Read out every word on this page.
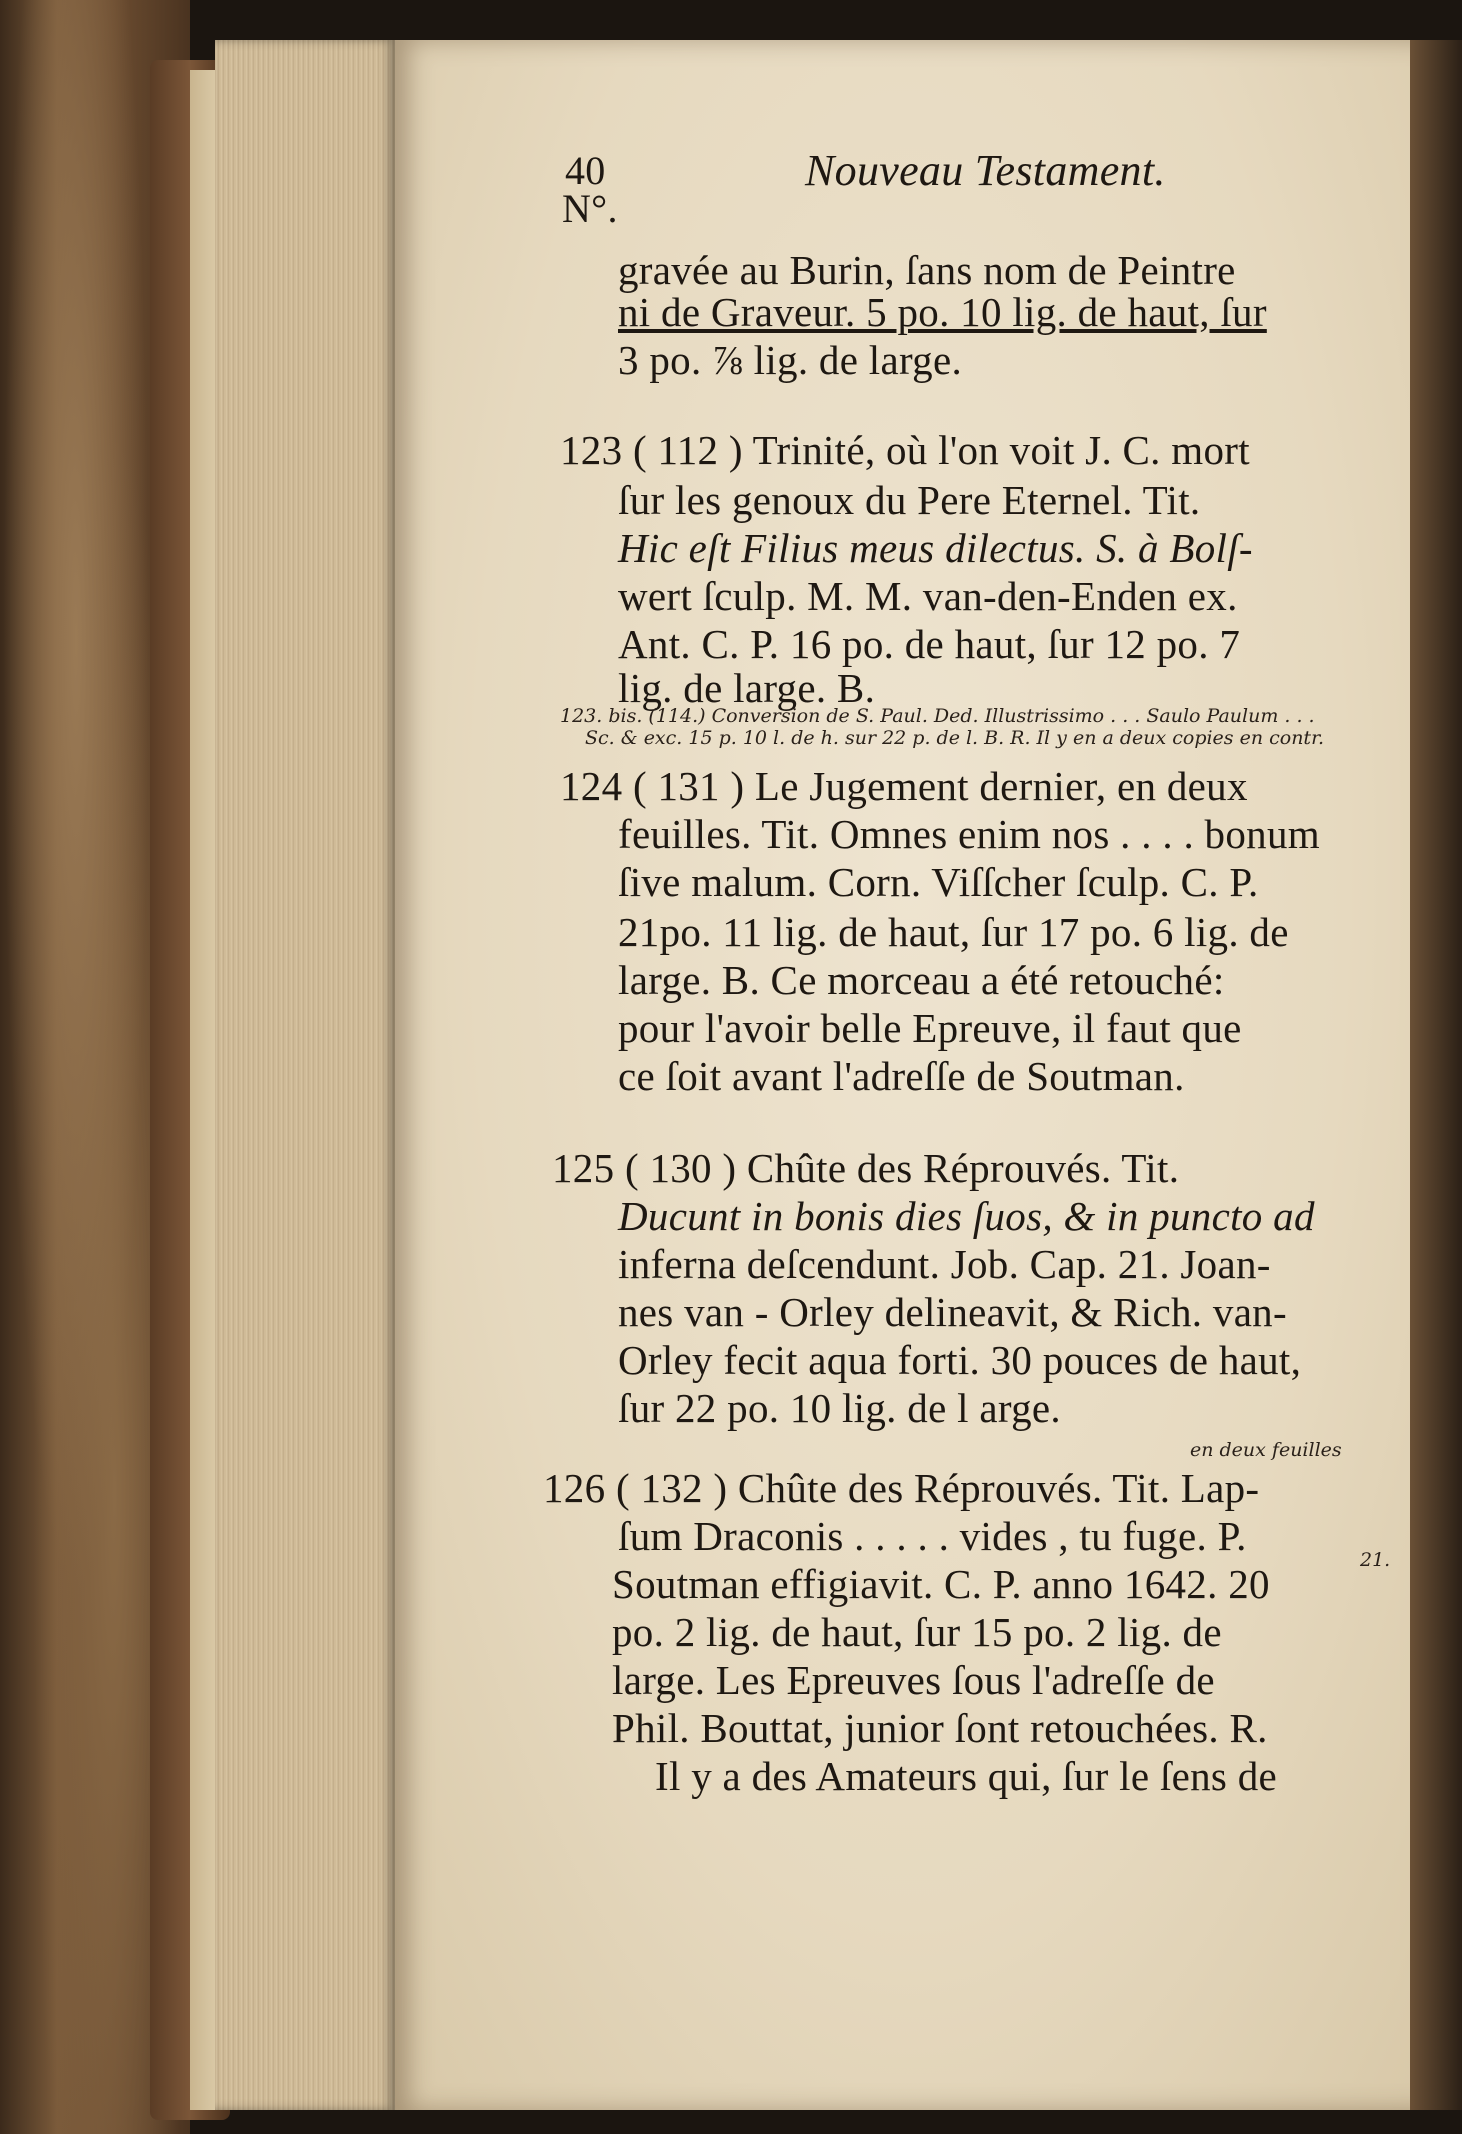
40
N°.
Nouveau Testament.
gravée au Burin, ſans nom de Peintre
ni de Graveur. 5 po. 10 lig. de haut, ſur
3 po. ⅞ lig. de large.
123 ( 112 ) Trinité, où l'on voit J. C. mort
ſur les genoux du Pere Eternel. Tit.
Hic eſt Filius meus dilectus. S. à Bolſ-
wert ſculp. M. M. van-den-Enden ex.
Ant. C. P. 16 po. de haut, ſur 12 po. 7
lig. de large. B.
123. bis. (114.) Conversion de S. Paul. Ded. Illustrissimo . . . Saulo Paulum . . .
Sc. & exc. 15 p. 10 l. de h. sur 22 p. de l. B. R. Il y en a deux copies en contr.
124 ( 131 ) Le Jugement dernier, en deux
feuilles. Tit. Omnes enim nos . . . . bonum
ſive malum. Corn. Viſſcher ſculp. C. P.
21po. 11 lig. de haut, ſur 17 po. 6 lig. de
large. B. Ce morceau a été retouché:
pour l'avoir belle Epreuve, il faut que
ce ſoit avant l'adreſſe de Soutman.
125 ( 130 ) Chûte des Réprouvés. Tit.
Ducunt in bonis dies ſuos, & in puncto ad
inferna deſcendunt. Job. Cap. 21. Joan-
nes van - Orley delineavit, & Rich. van-
Orley fecit aqua forti. 30 pouces de haut,
ſur 22 po. 10 lig. de l arge.
en deux feuilles
126 ( 132 ) Chûte des Réprouvés. Tit. Lap-
ſum Draconis . . . . . vides , tu fuge. P.
21.
Soutman effigiavit. C. P. anno 1642. 20
po. 2 lig. de haut, ſur 15 po. 2 lig. de
large. Les Epreuves ſous l'adreſſe de
Phil. Bouttat, junior ſont retouchées. R.
Il y a des Amateurs qui, ſur le ſens de
